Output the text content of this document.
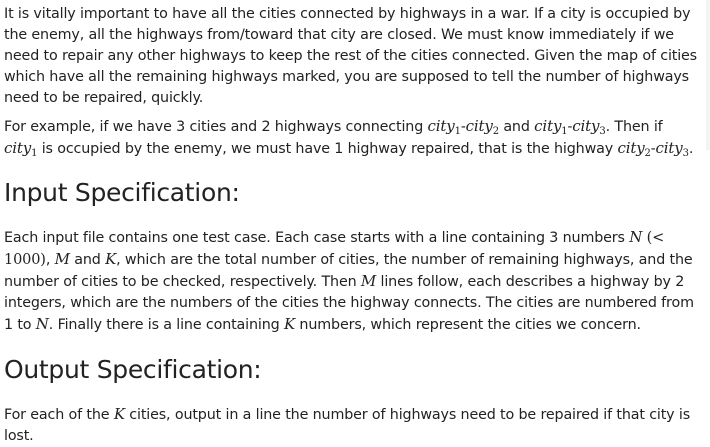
It is vitally important to have all the cities connected by highways in a war. If a city is occupied by the enemy, all the highways from/toward that city are closed. We must know immediately if we need to repair any other highways to keep the rest of the cities connected. Given the map of cities which have all the remaining highways marked, you are supposed to tell the number of highways need to be repaired, quickly.

For example, if we have 3 cities and 2 highways connecting city$_1$-city$_2$ and city$_1$-city$_3$. Then if city$_1$ is occupied by the enemy, we must have 1 highway repaired, that is the highway city$_2$-city$_3$.

Input Specification:

Each input file contains one test case. Each case starts with a line containing 3 numbers N (< 1000), M and K, which are the total number of cities, the number of remaining highways, and the number of cities to be checked, respectively. Then M lines follow, each describes a highway by 2 integers, which are the numbers of the cities the highway connects. The cities are numbered from 1 to N. Finally there is a line containing K numbers, which represent the cities we concern.

Output Specification:

For each of the K cities, output in a line the number of highways need to be repaired if that city is lost.
